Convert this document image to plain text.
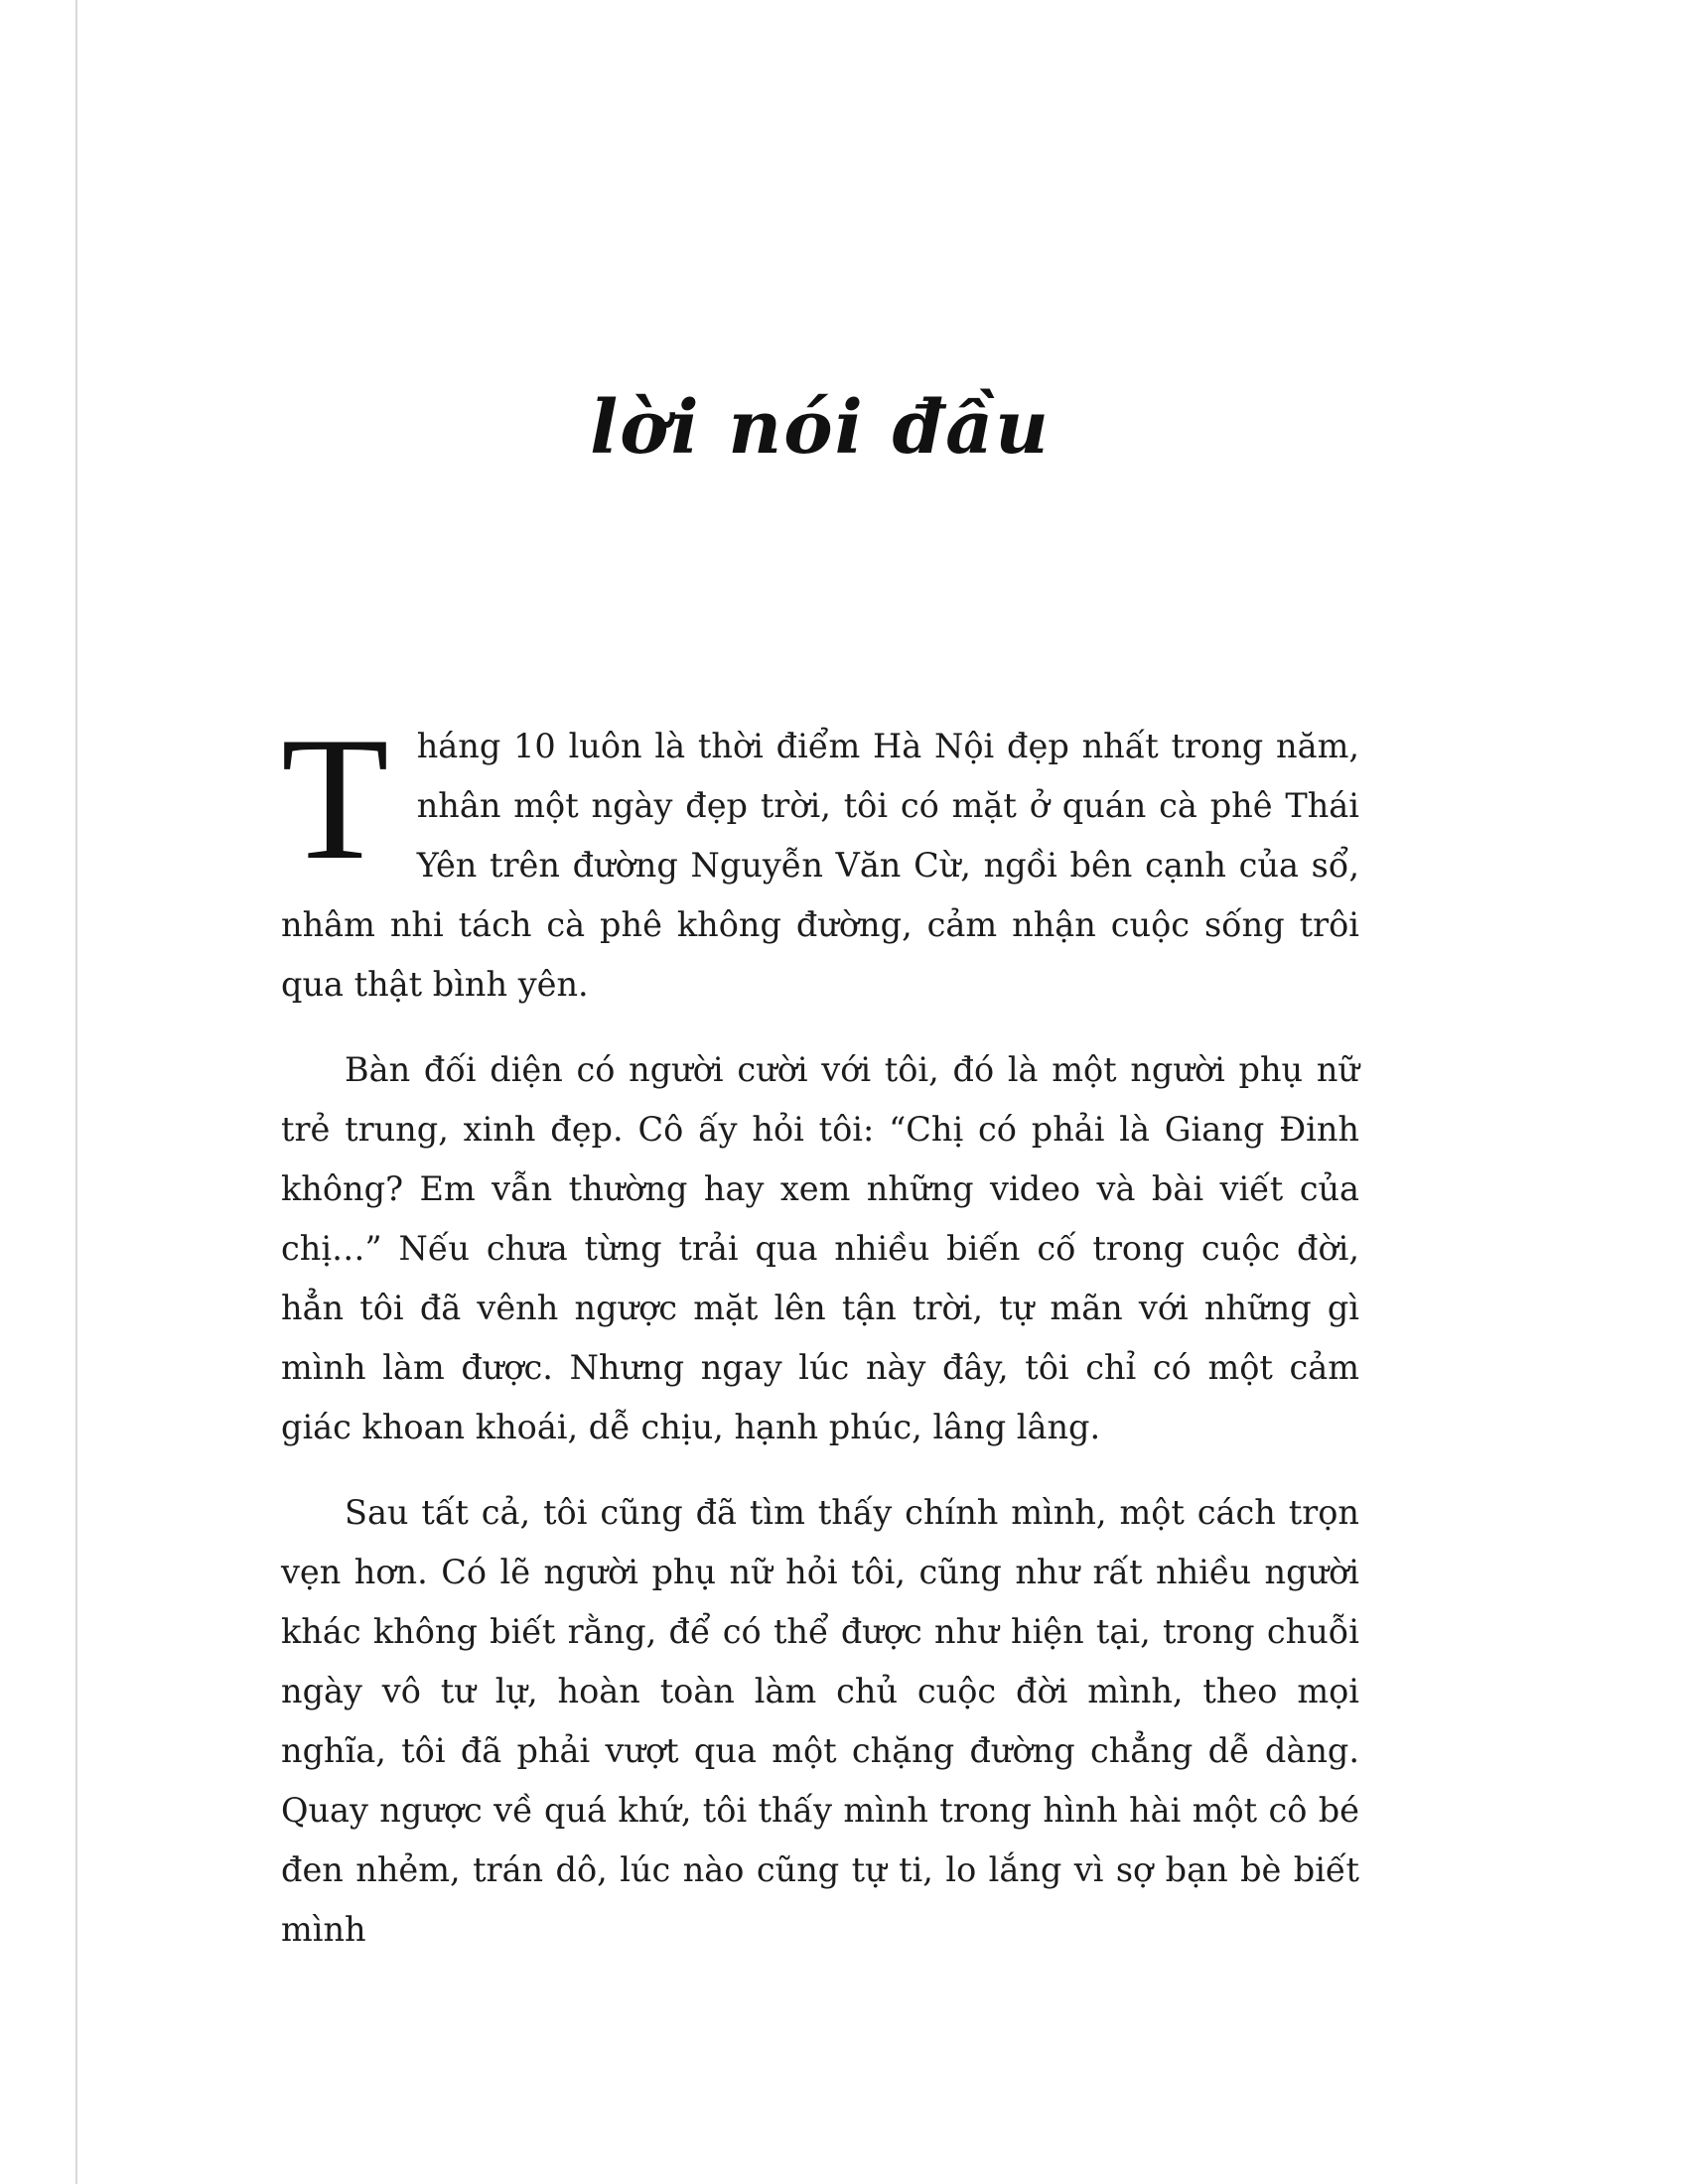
lời nói đầu

Tháng 10 luôn là thời điểm Hà Nội đẹp nhất trong năm, nhân một ngày đẹp trời, tôi có mặt ở quán cà phê Thái Yên trên đường Nguyễn Văn Cừ, ngồi bên cạnh của sổ, nhâm nhi tách cà phê không đường, cảm nhận cuộc sống trôi qua thật bình yên.

Bàn đối diện có người cười với tôi, đó là một người phụ nữ trẻ trung, xinh đẹp. Cô ấy hỏi tôi: “Chị có phải là Giang Đinh không? Em vẫn thường hay xem những video và bài viết của chị…” Nếu chưa từng trải qua nhiều biến cố trong cuộc đời, hẳn tôi đã vênh ngược mặt lên tận trời, tự mãn với những gì mình làm được. Nhưng ngay lúc này đây, tôi chỉ có một cảm giác khoan khoái, dễ chịu, hạnh phúc, lâng lâng.

Sau tất cả, tôi cũng đã tìm thấy chính mình, một cách trọn vẹn hơn. Có lẽ người phụ nữ hỏi tôi, cũng như rất nhiều người khác không biết rằng, để có thể được như hiện tại, trong chuỗi ngày vô tư lự, hoàn toàn làm chủ cuộc đời mình, theo mọi nghĩa, tôi đã phải vượt qua một chặng đường chẳng dễ dàng. Quay ngược về quá khứ, tôi thấy mình trong hình hài một cô bé đen nhẻm, trán dô, lúc nào cũng tự ti, lo lắng vì sợ bạn bè biết mình
